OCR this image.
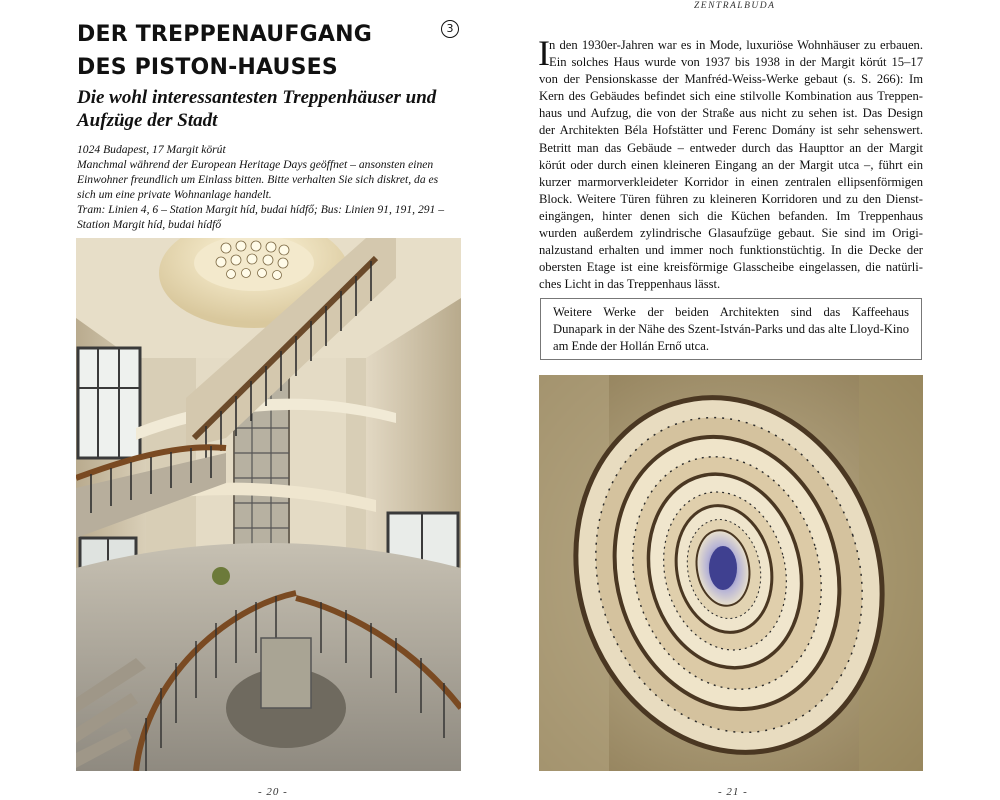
DER TREPPENAUFGANG
DES PISTON-HAUSES
3
Die wohl interessantesten Treppenhäuser und
Aufzüge der Stadt
1024 Budapest, 17 Margit körút
Manchmal während der European Heritage Days geöffnet – ansonsten einen
Einwohner freundlich um Einlass bitten. Bitte verhalten Sie sich diskret, da es
sich um eine private Wohnanlage handelt.
Tram: Linien 4, 6 – Station Margit híd, budai hídfő; Bus: Linien 91, 191, 291 –
Station Margit híd, budai hídfő
- 20 -
ZENTRALBUDA
I n den 1930er-Jahren war es in Mode, luxuriöse Wohnhäuser zu erbauen.
Ein solches Haus wurde von 1937 bis 1938 in der Margit körút 15–17
von der Pensionskasse der Manfréd-Weiss-Werke gebaut (s. S. 266): Im
Kern des Gebäudes befindet sich eine stilvolle Kombination aus Treppen-
haus und Aufzug, die von der Straße aus nicht zu sehen ist. Das Design
der Architekten Béla Hofstätter und Ferenc Domány ist sehr sehenswert.
Betritt man das Gebäude – entweder durch das Haupttor an der Margit
körút oder durch einen kleineren Eingang an der Margit utca –, führt ein
kurzer marmorverkleideter Korridor in einen zentralen ellipsenförmigen
Block. Weitere Türen führen zu kleineren Korridoren und zu den Dienst-
eingängen, hinter denen sich die Küchen befanden. Im Treppenhaus
wurden außerdem zylindrische Glasaufzüge gebaut. Sie sind im Origi-
nalzustand erhalten und immer noch funktionstüchtig. In die Decke der
obersten Etage ist eine kreisförmige Glasscheibe eingelassen, die natürli-
ches Licht in das Treppenhaus lässt.
Weitere Werke der beiden Architekten sind das Kaffeehaus
Dunapark in der Nähe des Szent-István-Parks und das alte Lloyd-Kino
am Ende der Hollán Ernő utca.
- 21 -
